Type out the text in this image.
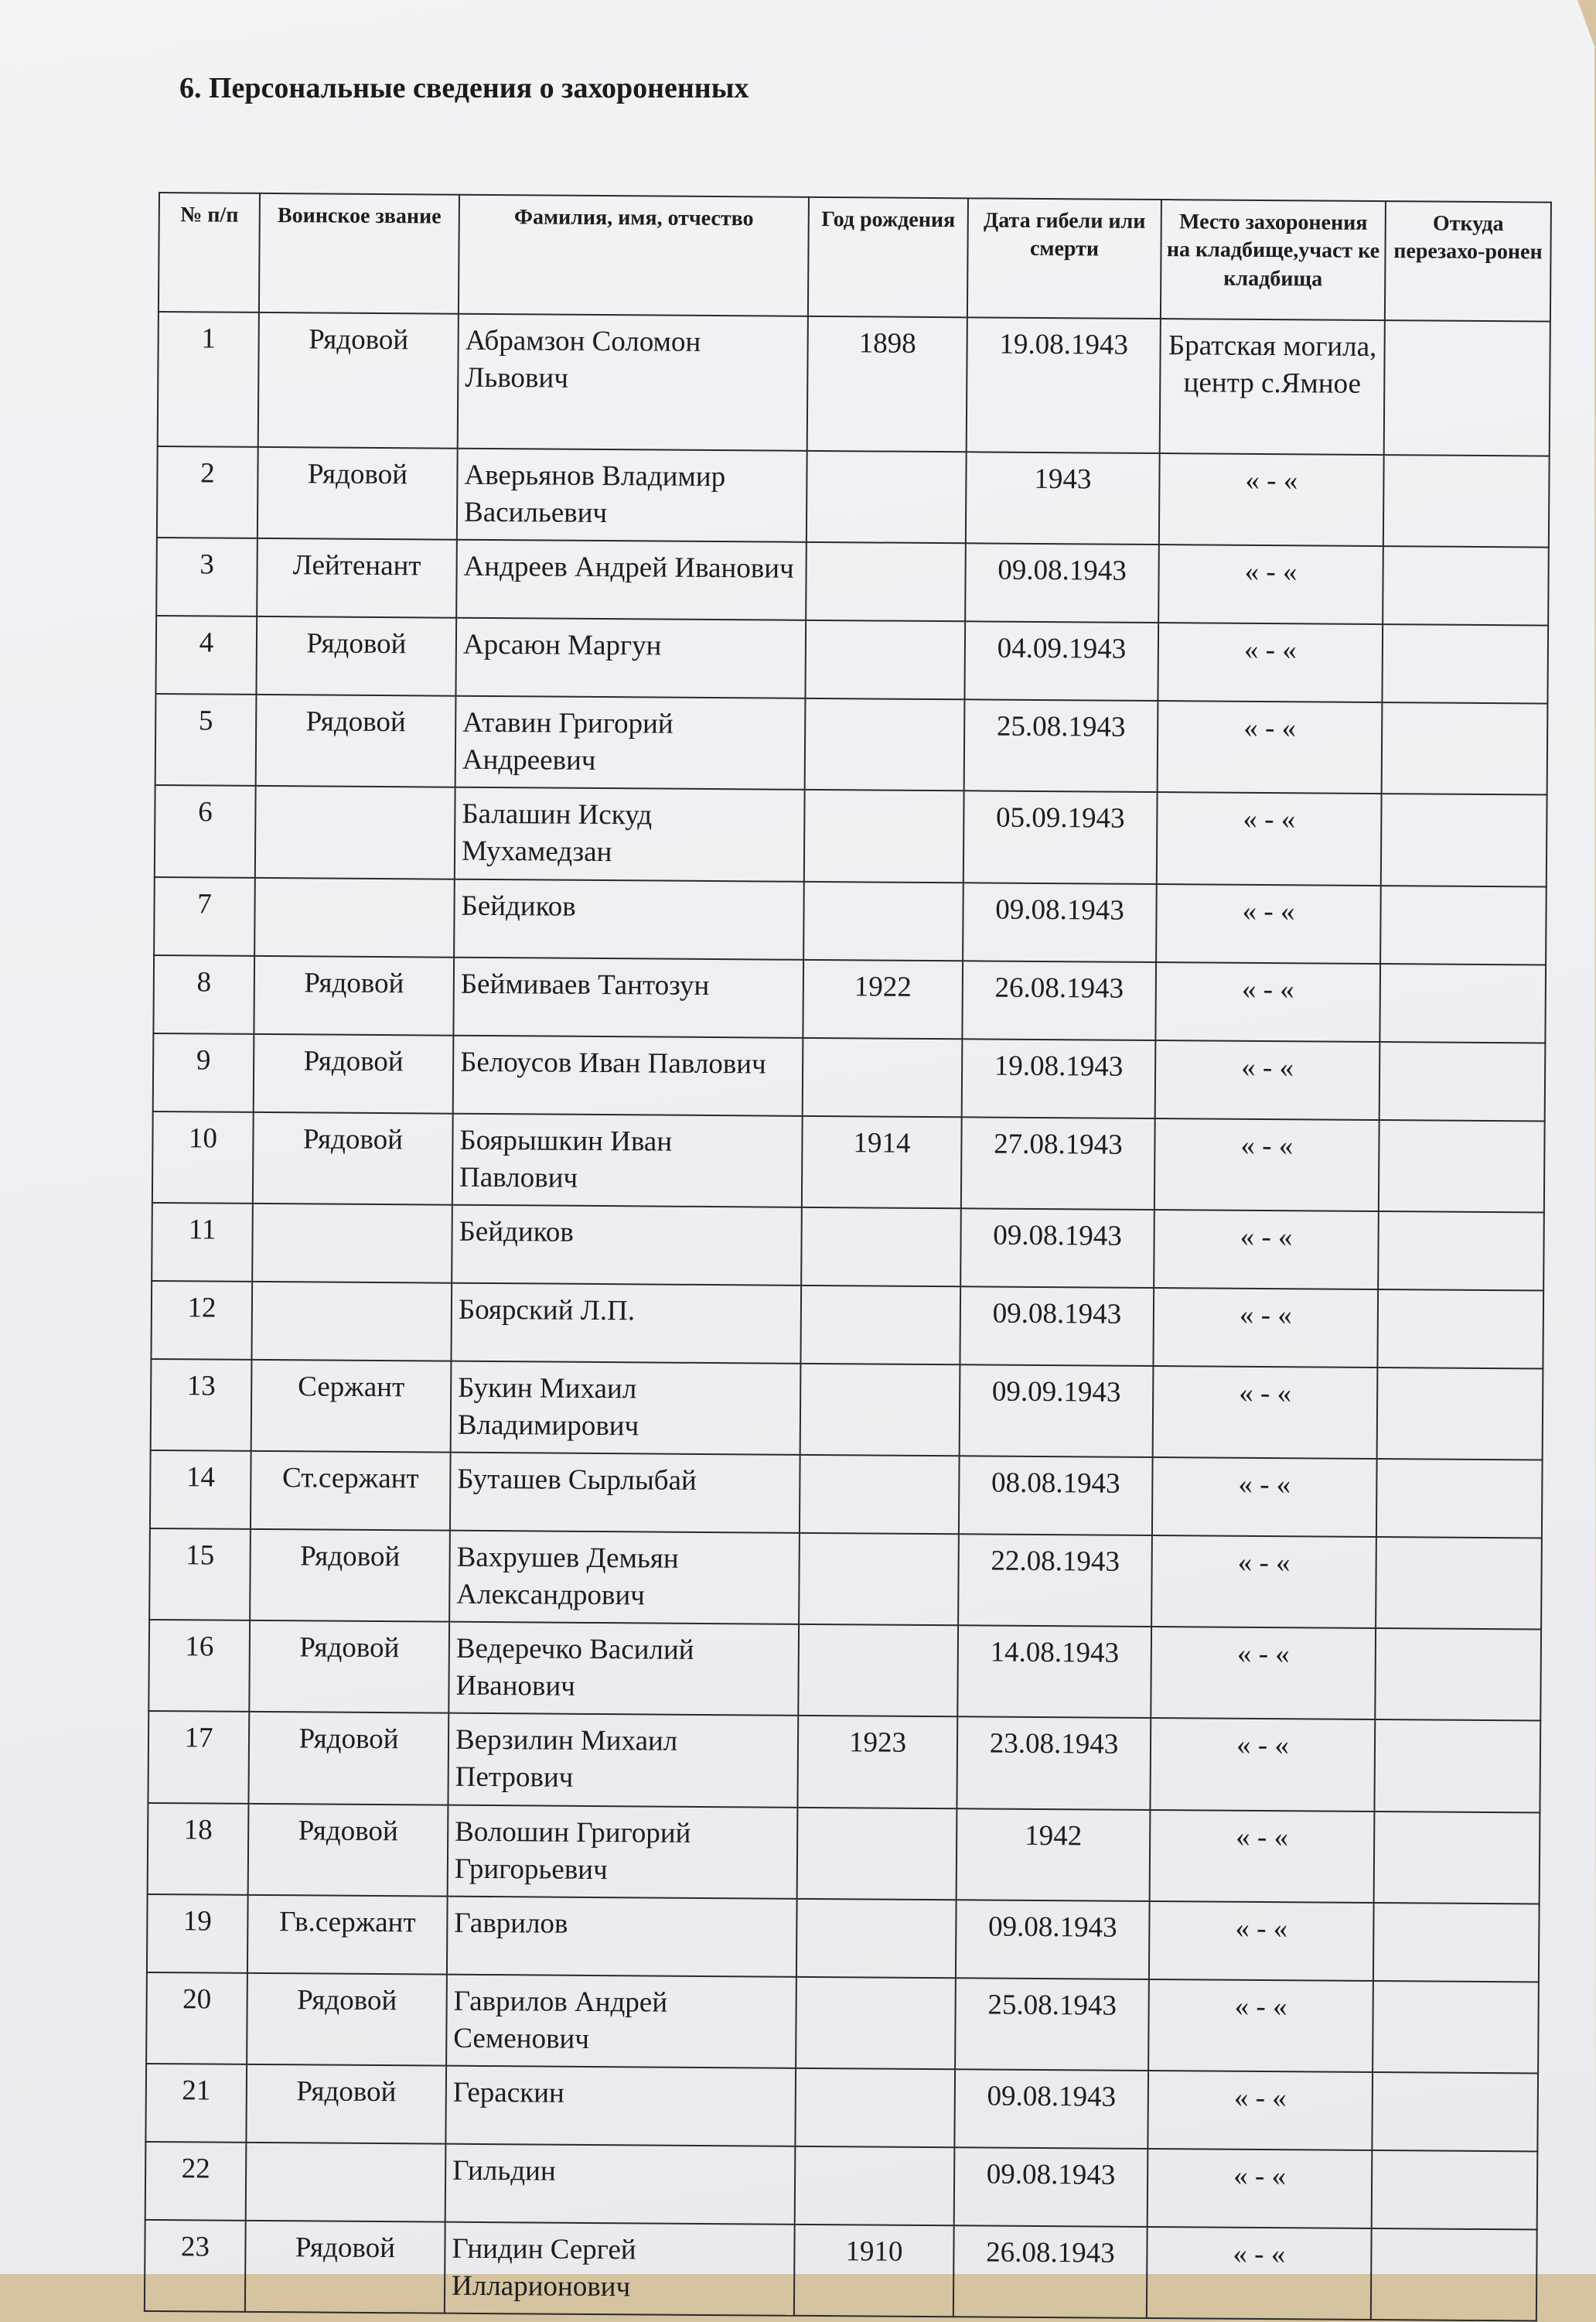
6. Персональные сведения о захороненных
№ п/п	Воинское звание	Фамилия, имя, отчество	Год рождения	Дата гибели или смерти	Место захоронения на кладбище,участ ке кладбища	Откуда перезахо-ронен
1	Рядовой	Абрамзон Соломон Львович	1898	19.08.1943	Братская могила, центр с.Ямное	
2	Рядовой	Аверьянов Владимир Васильевич		1943	« - «	
3	Лейтенант	Андреев Андрей Иванович		09.08.1943	« - «	
4	Рядовой	Арсаюн Маргун		04.09.1943	« - «	
5	Рядовой	Атавин Григорий Андреевич		25.08.1943	« - «	
6		Балашин Искуд Мухамедзан		05.09.1943	« - «	
7		Бейдиков		09.08.1943	« - «	
8	Рядовой	Беймиваев Тантозун	1922	26.08.1943	« - «	
9	Рядовой	Белоусов Иван Павлович		19.08.1943	« - «	
10	Рядовой	Боярышкин Иван Павлович	1914	27.08.1943	« - «	
11		Бейдиков		09.08.1943	« - «	
12		Боярский Л.П.		09.08.1943	« - «	
13	Сержант	Букин Михаил Владимирович		09.09.1943	« - «	
14	Ст.сержант	Буташев Сырлыбай		08.08.1943	« - «	
15	Рядовой	Вахрушев Демьян Александрович		22.08.1943	« - «	
16	Рядовой	Ведеречко Василий Иванович		14.08.1943	« - «	
17	Рядовой	Верзилин Михаил Петрович	1923	23.08.1943	« - «	
18	Рядовой	Волошин Григорий Григорьевич		1942	« - «	
19	Гв.сержант	Гаврилов		09.08.1943	« - «	
20	Рядовой	Гаврилов Андрей Семенович		25.08.1943	« - «	
21	Рядовой	Гераскин		09.08.1943	« - «	
22		Гильдин		09.08.1943	« - «	
23	Рядовой	Гнидин Сергей Илларионович	1910	26.08.1943	« - «	
